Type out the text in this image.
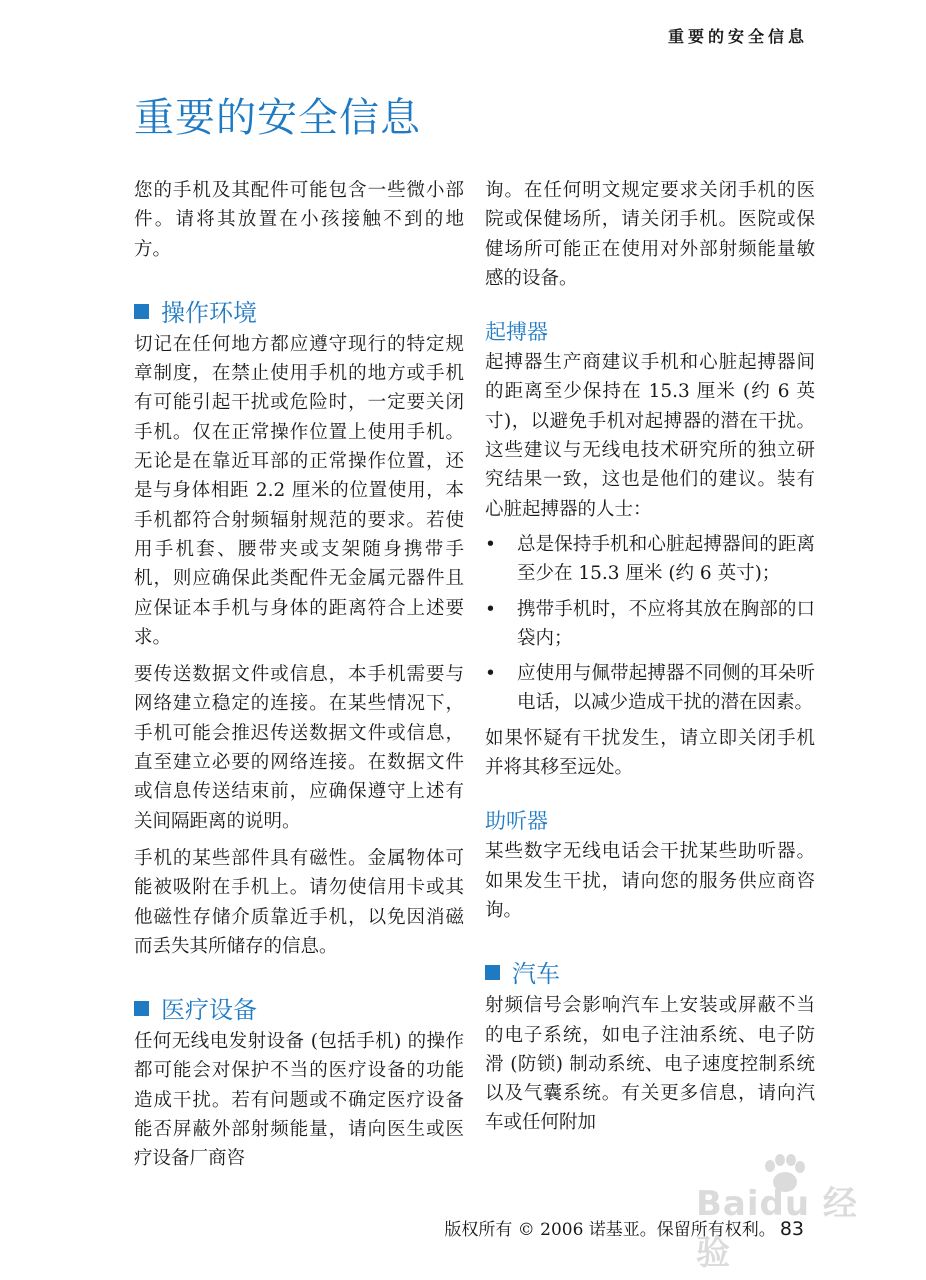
重要的安全信息
重要的安全信息

您的手机及其配件可能包含一些微小部件。请将其放置在小孩接触不到的地方。

操作环境

切记在任何地方都应遵守现行的特定规章制度，在禁止使用手机的地方或手机有可能引起干扰或危险时，一定要关闭手机。仅在正常操作位置上使用手机。无论是在靠近耳部的正常操作位置，还是与身体相距 2.2 厘米的位置使用，本手机都符合射频辐射规范的要求。若使用手机套、腰带夹或支架随身携带手机，则应确保此类配件无金属元器件且应保证本手机与身体的距离符合上述要求。

要传送数据文件或信息，本手机需要与网络建立稳定的连接。在某些情况下，手机可能会推迟传送数据文件或信息，直至建立必要的网络连接。在数据文件或信息传送结束前，应确保遵守上述有关间隔距离的说明。

手机的某些部件具有磁性。金属物体可能被吸附在手机上。请勿使信用卡或其他磁性存储介质靠近手机，以免因消磁而丢失其所储存的信息。

医疗设备

任何无线电发射设备 (包括手机) 的操作都可能会对保护不当的医疗设备的功能造成干扰。若有问题或不确定医疗设备能否屏蔽外部射频能量，请向医生或医疗设备厂商咨

询。在任何明文规定要求关闭手机的医院或保健场所，请关闭手机。医院或保健场所可能正在使用对外部射频能量敏感的设备。

起搏器

起搏器生产商建议手机和心脏起搏器间的距离至少保持在 15.3 厘米 (约 6 英寸)，以避免手机对起搏器的潜在干扰。这些建议与无线电技术研究所的独立研究结果一致，这也是他们的建议。装有心脏起搏器的人士：

• 总是保持手机和心脏起搏器间的距离至少在 15.3 厘米 (约 6 英寸)；
• 携带手机时，不应将其放在胸部的口袋内；
• 应使用与佩带起搏器不同侧的耳朵听电话，以减少造成干扰的潜在因素。

如果怀疑有干扰发生，请立即关闭手机并将其移至远处。

助听器

某些数字无线电话会干扰某些助听器。如果发生干扰，请向您的服务供应商咨询。

汽车

射频信号会影响汽车上安装或屏蔽不当的电子系统，如电子注油系统、电子防滑 (防锁) 制动系统、电子速度控制系统以及气囊系统。有关更多信息，请向汽车或任何附加

Baidu 经验
版权所有 © 2006 诺基亚。保留所有权利。 83
